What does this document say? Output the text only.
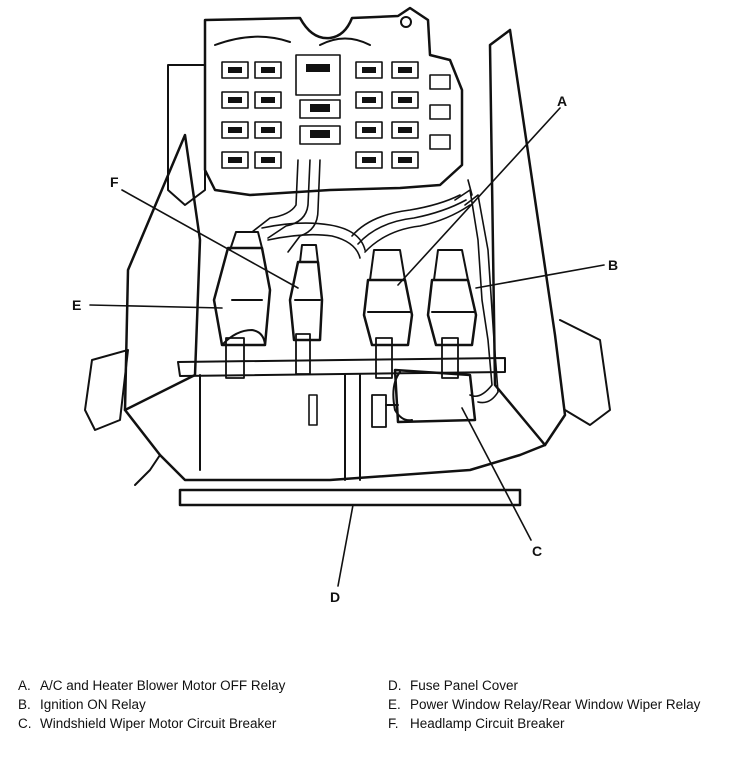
F
E
A
B
C
D
A. A/C and Heater Blower Motor OFF Relay
B. Ignition ON Relay
C. Windshield Wiper Motor Circuit Breaker
D. Fuse Panel Cover
E. Power Window Relay/Rear Window Wiper Relay
F. Headlamp Circuit Breaker
